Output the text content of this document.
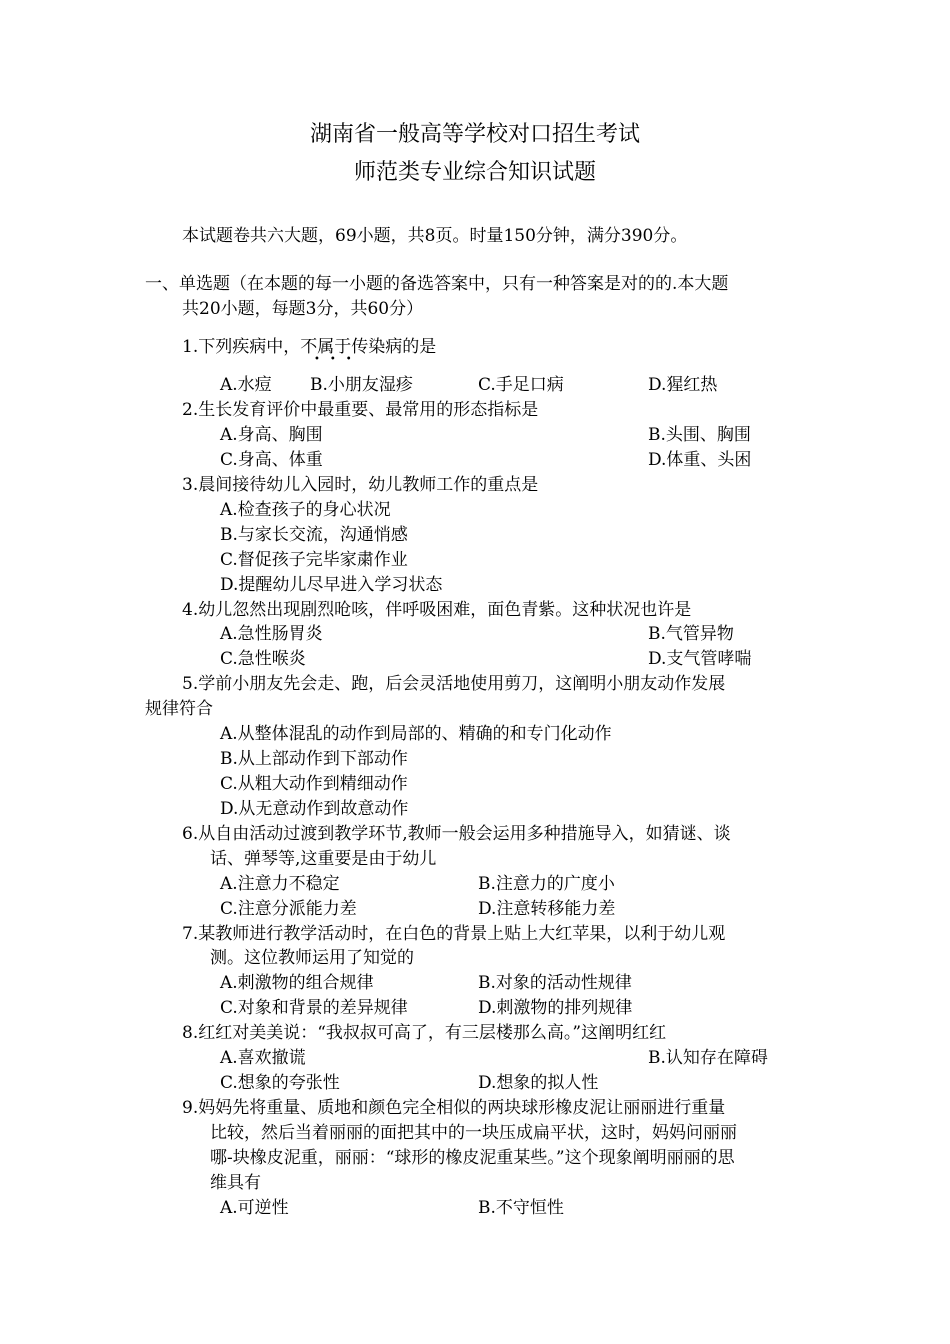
湖南省一般高等学校对口招生考试
师范类专业综合知识试题
本试题卷共六大题，69小题，共8页。时量150分钟，满分390分。
一、单选题（在本题的每一小题的备选答案中，只有一种答案是对的的.本大题
共20小题，每题3分，共60分）
1.下列疾病中，不属于传染病的是
•••
A.水痘 B.小朋友湿疹	C.手足口病	D.猩红热
2.生长发育评价中最重要、最常用的形态指标是
A.身高、胸围	B.头围、胸围
C.身高、体重	D.体重、头困
3.晨间接待幼儿入园时，幼儿教师工作的重点是
A.检查孩子的身心状况
B.与家长交流，沟通悄感
C.督促孩子完毕家粛作业
D.提醒幼儿尽早进入学习状态
4.幼儿忽然出现剧烈呛咳，伴呼吸困难，面色青紫。这种状况也许是
A.急性肠胃炎	B.气管异物
C.急性喉炎	D.支气管哮喘
5.学前小朋友先会走、跑，后会灵活地使用剪刀，这阐明小朋友动作发展
规律符合
A.从整体混乱的动作到局部的、精确的和专门化动作
B.从上部动作到下部动作
C.从粗大动作到精细动作
D.从无意动作到故意动作
6.从自由活动过渡到教学环节,教师一般会运用多种措施导入，如猜谜、谈
话、弹琴等,这重要是由于幼儿
A.注意力不稳定	B.注意力的广度小
C.注意分派能力差	D.注意转移能力差
7.某教师进行教学活动时，在白色的背景上贴上大红苹果，以利于幼儿观
测。这位教师运用了知觉的
A.刺激物的组合规律	B.对象的活动性规律
C.对象和背景的差异规律	D.刺激物的排列规律
8.红红对美美说：“我叔叔可高了，有三层楼那么高。”这阐明红红
A.喜欢撤谎	B.认知存在障碍
C.想象的夸张性	D.想象的拟人性
9.妈妈先将重量、质地和颜色完全相似的两块球形橡皮泥让丽丽进行重量
比较，然后当着丽丽的面把其中的一块压成扁平状，这时，妈妈问丽丽
哪-块橡皮泥重，丽丽：“球形的橡皮泥重某些。”这个现象阐明丽丽的思
维具有
A.可逆性	B.不守恒性
